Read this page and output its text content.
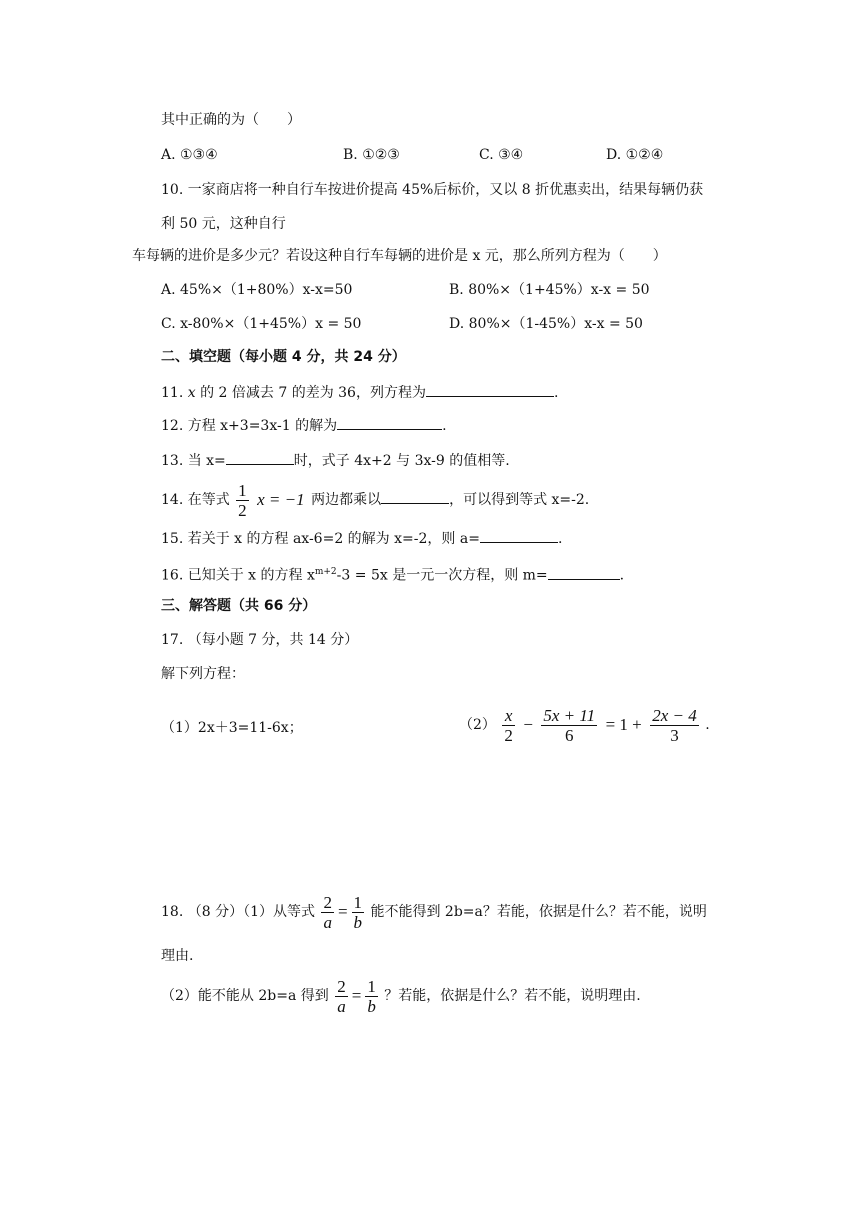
其中正确的为（　　）
A. ①③④	B. ①②③	C. ③④	D. ①②④
10. 一家商店将一种自行车按进价提高 45%后标价，又以 8 折优惠卖出，结果每辆仍获
利 50 元，这种自行
车每辆的进价是多少元？若设这种自行车每辆的进价是 x 元，那么所列方程为（　　）
A. 45%×（1+80%）x-x=50	B. 80%×（1+45%）x-x = 50
C. x-80%×（1+45%）x = 50	D. 80%×（1-45%）x-x = 50
二、填空题（每小题 4 分，共 24 分）
11. x 的 2 倍减去 7 的差为 36，列方程为	.
12. 方程 x+3=3x-1 的解为	.
13. 当 x=	时，式子 4x+2 与 3x-9 的值相等.
14. 在等式 $\frac{1}{2}$ x = −1 两边都乘以	，可以得到等式 x=-2.
15. 若关于 x 的方程 ax-6=2 的解为 x=-2，则 a=	.
16. 已知关于 x 的方程 $x^{m+2}-3 = 5x$ 是一元一次方程，则 m=	.
三、解答题（共 66 分）
17. （每小题 7 分，共 14 分）
解下列方程：
（1）2x＋3=11-6x；	$(2) \frac{x}{2} - \frac{5x + 11}{6} = 1 + \frac{2x - 4}{3}$ .
18. （8 分）（1）从等式 $\frac{2}{a} = \frac{1}{b}$ 能不能得到 2b=a？若能，依据是什么？若不能，说明
理由.
（2）能不能从 2b=a 得到 $\frac{2}{a} = \frac{1}{b}$ ？若能，依据是什么？若不能，说明理由.
